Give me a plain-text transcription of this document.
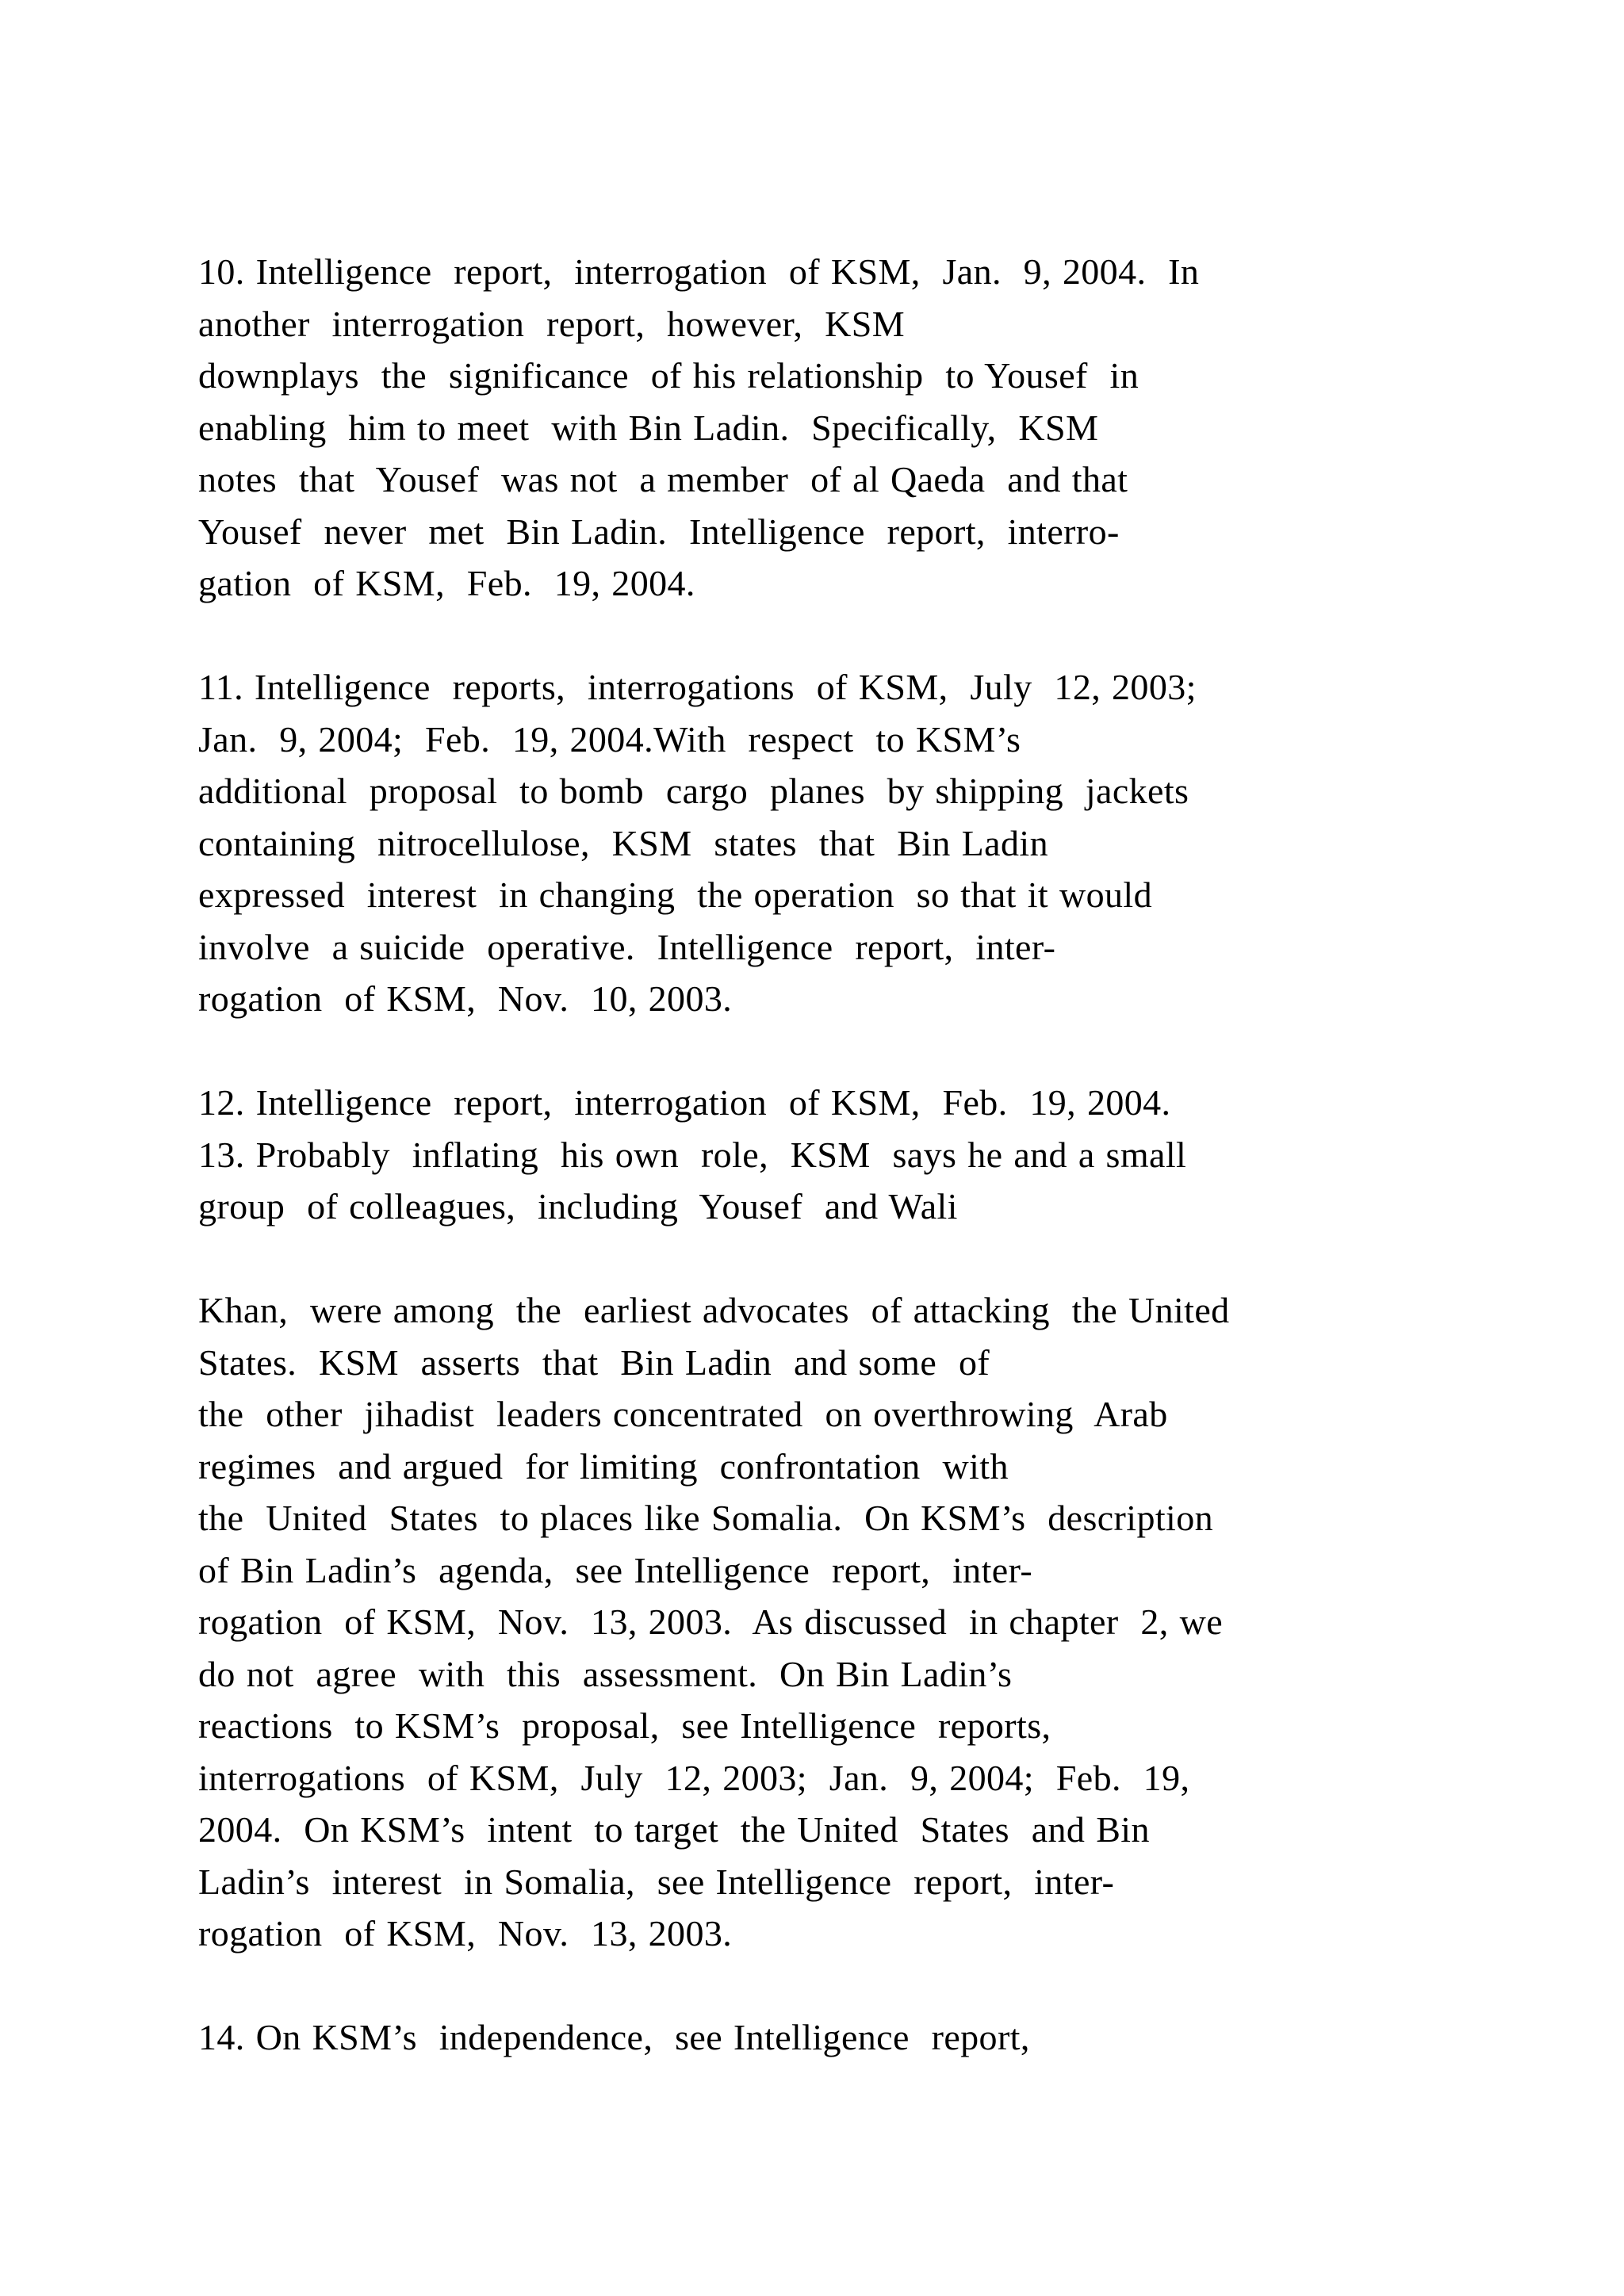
10. Intelligence  report,  interrogation  of KSM,  Jan.  9, 2004.  In
another  interrogation  report,  however,  KSM
downplays  the  significance  of his relationship  to Yousef  in
enabling  him to meet  with Bin Ladin.  Specifically,  KSM
notes  that  Yousef  was not  a member  of al Qaeda  and that
Yousef  never  met  Bin Ladin.  Intelligence  report,  interro-
gation  of KSM,  Feb.  19, 2004.
11. Intelligence  reports,  interrogations  of KSM,  July  12, 2003;
Jan.  9, 2004;  Feb.  19, 2004.With  respect  to KSM’s
additional  proposal  to bomb  cargo  planes  by shipping  jackets
containing  nitrocellulose,  KSM  states  that  Bin Ladin
expressed  interest  in changing  the operation  so that it would
involve  a suicide  operative.  Intelligence  report,  inter-
rogation  of KSM,  Nov.  10, 2003.
12. Intelligence  report,  interrogation  of KSM,  Feb.  19, 2004.
13. Probably  inflating  his own  role,  KSM  says he and a small
group  of colleagues,  including  Yousef  and Wali
Khan,  were among  the  earliest advocates  of attacking  the United
States.  KSM  asserts  that  Bin Ladin  and some  of
the  other  jihadist  leaders concentrated  on overthrowing  Arab
regimes  and argued  for limiting  confrontation  with
the  United  States  to places like Somalia.  On KSM’s  description
of Bin Ladin’s  agenda,  see Intelligence  report,  inter-
rogation  of KSM,  Nov.  13, 2003.  As discussed  in chapter  2, we
do not  agree  with  this  assessment.  On Bin Ladin’s
reactions  to KSM’s  proposal,  see Intelligence  reports,
interrogations  of KSM,  July  12, 2003;  Jan.  9, 2004;  Feb.  19,
2004.  On KSM’s  intent  to target  the United  States  and Bin
Ladin’s  interest  in Somalia,  see Intelligence  report,  inter-
rogation  of KSM,  Nov.  13, 2003.
14. On KSM’s  independence,  see Intelligence  report,
